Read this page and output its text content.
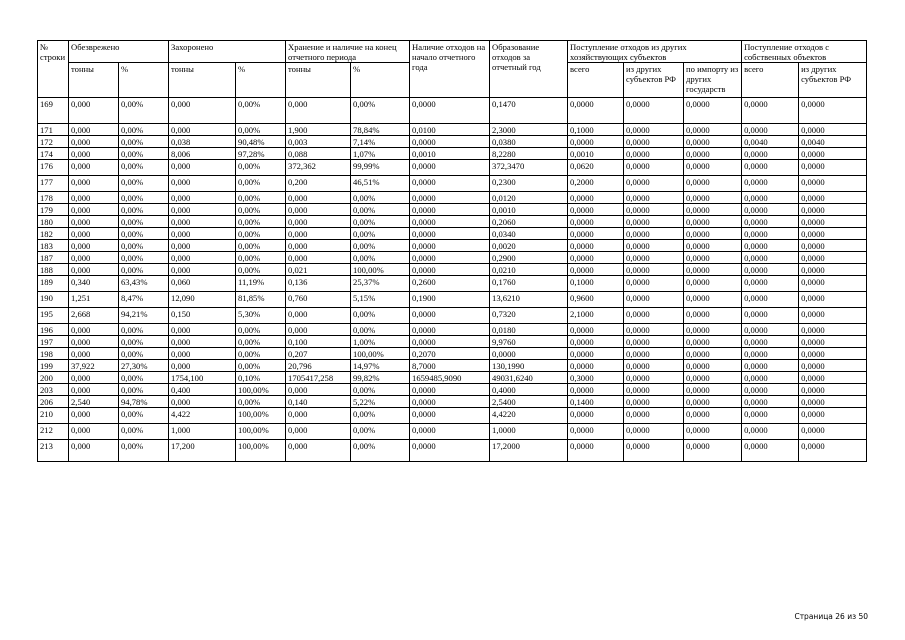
№ строки	Обезврежено		Захоронено		Хранение и наличие на конец отчетного периода		Наличие отходов на начало отчетного года	Образование отходов за отчетный год	Поступление отходов из других хозяйствующих субъектов			Поступление отходов с собственных объектов	
	тонны	%	тонны	%	тонны	%			всего	из других субъектов РФ	по импорту из других государств	всего	из других субъектов РФ
169	0,000	0,00%	0,000	0,00%	0,000	0,00%	0,0000	0,1470	0,0000	0,0000	0,0000	0,0000	0,0000
171	0,000	0,00%	0,000	0,00%	1,900	78,84%	0,0100	2,3000	0,1000	0,0000	0,0000	0,0000	0,0000
172	0,000	0,00%	0,038	90,48%	0,003	7,14%	0,0000	0,0380	0,0000	0,0000	0,0000	0,0040	0,0040
174	0,000	0,00%	8,006	97,28%	0,088	1,07%	0,0010	8,2280	0,0010	0,0000	0,0000	0,0000	0,0000
176	0,000	0,00%	0,000	0,00%	372,362	99,99%	0,0000	372,3470	0,0620	0,0000	0,0000	0,0000	0,0000
177	0,000	0,00%	0,000	0,00%	0,200	46,51%	0,0000	0,2300	0,2000	0,0000	0,0000	0,0000	0,0000
178	0,000	0,00%	0,000	0,00%	0,000	0,00%	0,0000	0,0120	0,0000	0,0000	0,0000	0,0000	0,0000
179	0,000	0,00%	0,000	0,00%	0,000	0,00%	0,0000	0,0010	0,0000	0,0000	0,0000	0,0000	0,0000
180	0,000	0,00%	0,000	0,00%	0,000	0,00%	0,0000	0,2060	0,0000	0,0000	0,0000	0,0000	0,0000
182	0,000	0,00%	0,000	0,00%	0,000	0,00%	0,0000	0,0340	0,0000	0,0000	0,0000	0,0000	0,0000
183	0,000	0,00%	0,000	0,00%	0,000	0,00%	0,0000	0,0020	0,0000	0,0000	0,0000	0,0000	0,0000
187	0,000	0,00%	0,000	0,00%	0,000	0,00%	0,0000	0,2900	0,0000	0,0000	0,0000	0,0000	0,0000
188	0,000	0,00%	0,000	0,00%	0,021	100,00%	0,0000	0,0210	0,0000	0,0000	0,0000	0,0000	0,0000
189	0,340	63,43%	0,060	11,19%	0,136	25,37%	0,2600	0,1760	0,1000	0,0000	0,0000	0,0000	0,0000
190	1,251	8,47%	12,090	81,85%	0,760	5,15%	0,1900	13,6210	0,9600	0,0000	0,0000	0,0000	0,0000
195	2,668	94,21%	0,150	5,30%	0,000	0,00%	0,0000	0,7320	2,1000	0,0000	0,0000	0,0000	0,0000
196	0,000	0,00%	0,000	0,00%	0,000	0,00%	0,0000	0,0180	0,0000	0,0000	0,0000	0,0000	0,0000
197	0,000	0,00%	0,000	0,00%	0,100	1,00%	0,0000	9,9760	0,0000	0,0000	0,0000	0,0000	0,0000
198	0,000	0,00%	0,000	0,00%	0,207	100,00%	0,2070	0,0000	0,0000	0,0000	0,0000	0,0000	0,0000
199	37,922	27,30%	0,000	0,00%	20,796	14,97%	8,7000	130,1990	0,0000	0,0000	0,0000	0,0000	0,0000
200	0,000	0,00%	1754,100	0,10%	1705417,258	99,82%	1659485,9090	49031,6240	0,3000	0,0000	0,0000	0,0000	0,0000
203	0,000	0,00%	0,400	100,00%	0,000	0,00%	0,0000	0,4000	0,0000	0,0000	0,0000	0,0000	0,0000
206	2,540	94,78%	0,000	0,00%	0,140	5,22%	0,0000	2,5400	0,1400	0,0000	0,0000	0,0000	0,0000
210	0,000	0,00%	4,422	100,00%	0,000	0,00%	0,0000	4,4220	0,0000	0,0000	0,0000	0,0000	0,0000
212	0,000	0,00%	1,000	100,00%	0,000	0,00%	0,0000	1,0000	0,0000	0,0000	0,0000	0,0000	0,0000
213	0,000	0,00%	17,200	100,00%	0,000	0,00%	0,0000	17,2000	0,0000	0,0000	0,0000	0,0000	0,0000
Страница 26 из 50
